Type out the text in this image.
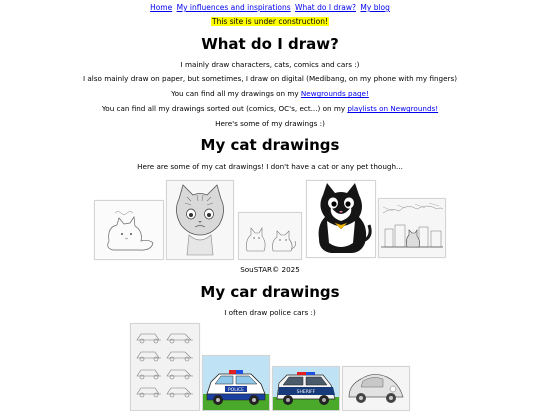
Home My influences and inspirations What do I draw? My blog
This site is under construction!
What do I draw?
I mainly draw characters, cats, comics and cars :)
I also mainly draw on paper, but sometimes, I draw on digital (Medibang, on my phone with my fingers)
You can find all my drawings on my Newgrounds page!
You can find all my drawings sorted out (comics, OC's, ect...) on my playlists on Newgrounds!
Here's some of my drawings :)
My cat drawings
Here are some of my cat drawings! I don't have a cat or any pet though...
SouSTAR© 2025
My car drawings
I often draw police cars :)
POLICE	SHERIFF
